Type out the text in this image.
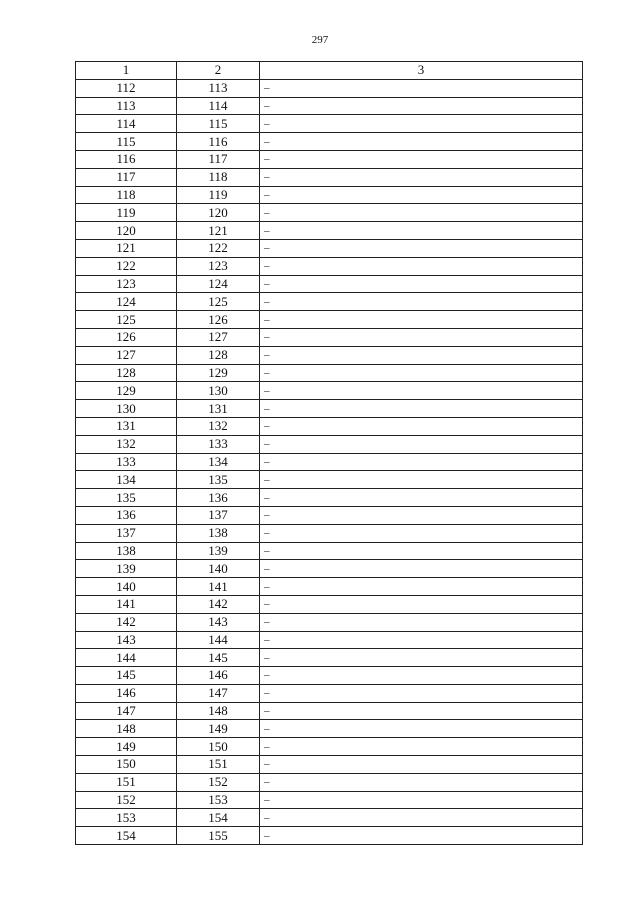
297
1	2	3
112	113	–
113	114	–
114	115	–
115	116	–
116	117	–
117	118	–
118	119	–
119	120	–
120	121	–
121	122	–
122	123	–
123	124	–
124	125	–
125	126	–
126	127	–
127	128	–
128	129	–
129	130	–
130	131	–
131	132	–
132	133	–
133	134	–
134	135	–
135	136	–
136	137	–
137	138	–
138	139	–
139	140	–
140	141	–
141	142	–
142	143	–
143	144	–
144	145	–
145	146	–
146	147	–
147	148	–
148	149	–
149	150	–
150	151	–
151	152	–
152	153	–
153	154	–
154	155	–
